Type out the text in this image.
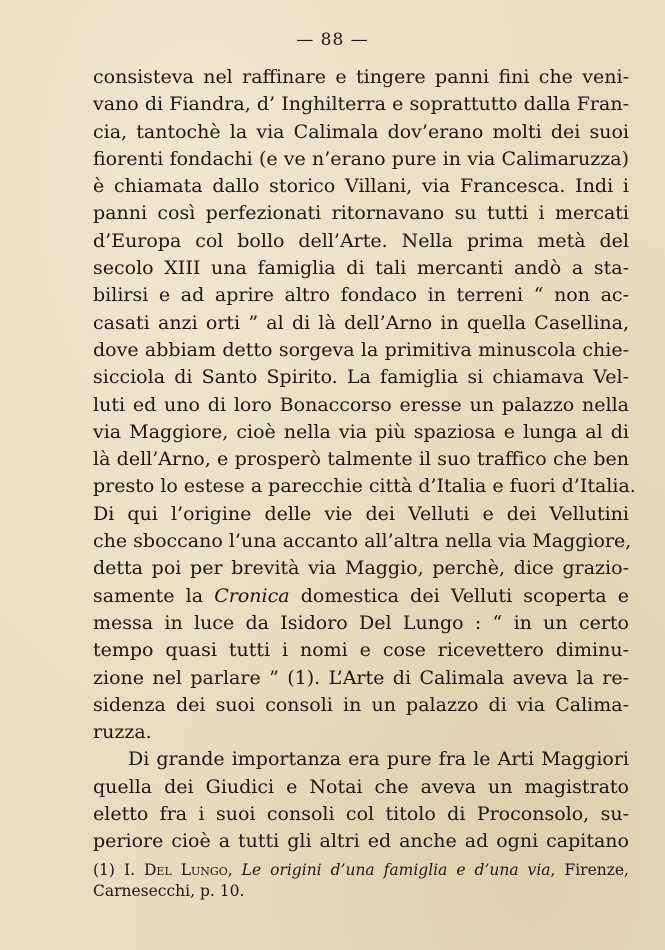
— 88 —
consisteva nel raffinare e tingere panni fini che veni-
vano di Fiandra, d’ Inghilterra e soprattutto dalla Fran-
cia, tantochè la via Calimala dov’erano molti dei suoi
fiorenti fondachi (e ve n’erano pure in via Calimaruzza)
è chiamata dallo storico Villani, via Francesca. Indi i
panni così perfezionati ritornavano su tutti i mercati
d’Europa col bollo dell’Arte. Nella prima metà del
secolo XIII una famiglia di tali mercanti andò a sta-
bilirsi e ad aprire altro fondaco in terreni “ non ac-
casati anzi orti ” al di là dell’Arno in quella Casellina,
dove abbiam detto sorgeva la primitiva minuscola chie-
sicciola di Santo Spirito. La famiglia si chiamava Vel-
luti ed uno di loro Bonaccorso eresse un palazzo nella
via Maggiore, cioè nella via più spaziosa e lunga al di
là dell’Arno, e prosperò talmente il suo traffico che ben
presto lo estese a parecchie città d’Italia e fuori d’Italia.
Di qui l’origine delle vie dei Velluti e dei Vellutini
che sboccano l’una accanto all’altra nella via Maggiore,
detta poi per brevità via Maggio, perchè, dice grazio-
samente la Cronica domestica dei Velluti scoperta e
messa in luce da Isidoro Del Lungo : “ in un certo
tempo quasi tutti i nomi e cose ricevettero diminu-
zione nel parlare ” (1). L’Arte di Calimala aveva la re-
sidenza dei suoi consoli in un palazzo di via Calima-
ruzza.
Di grande importanza era pure fra le Arti Maggiori
quella dei Giudici e Notai che aveva un magistrato
eletto fra i suoi consoli col titolo di Proconsolo, su-
periore cioè a tutti gli altri ed anche ad ogni capitano
(1) I. Del Lungo, Le origini d’una famiglia e d’una via, Firenze,
Carnesecchi, p. 10.
